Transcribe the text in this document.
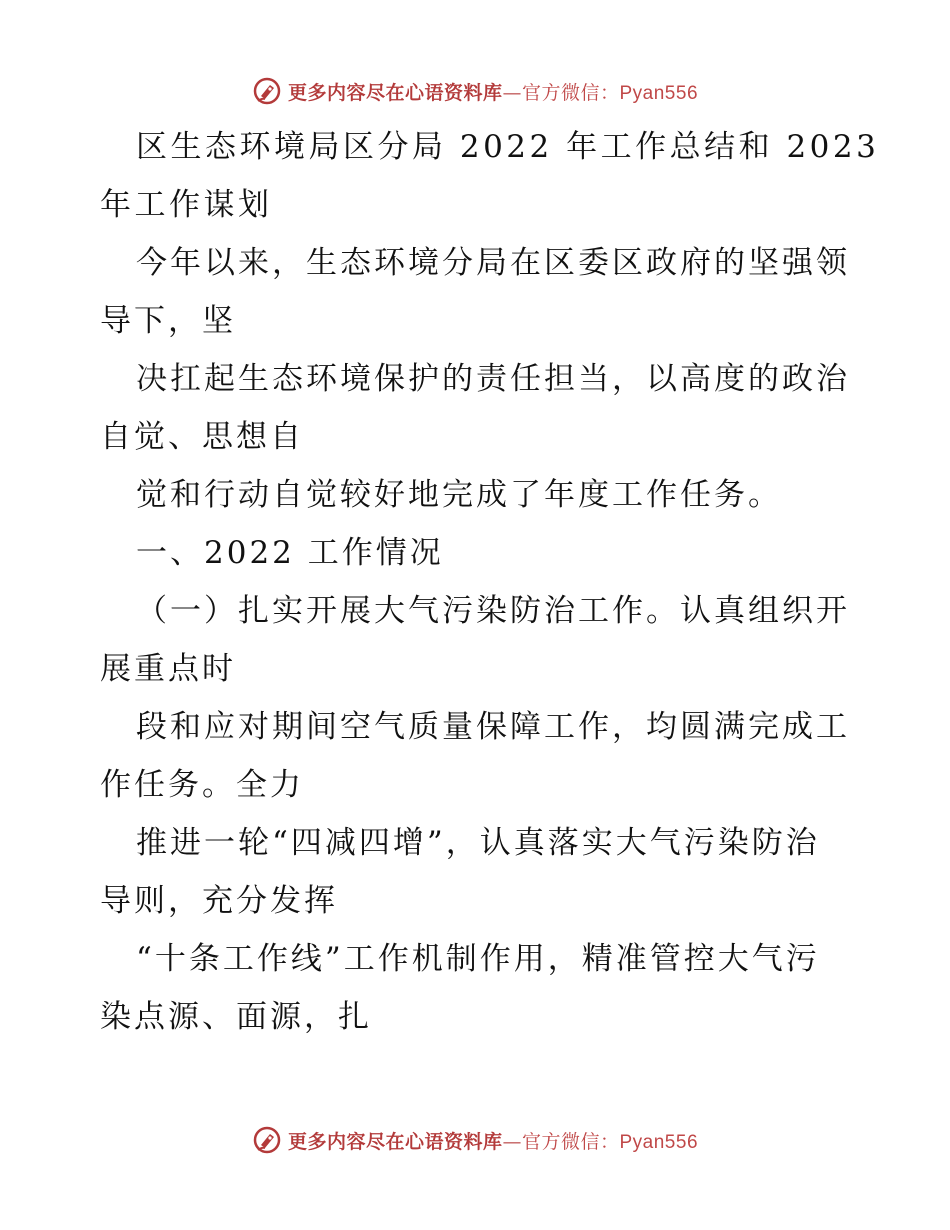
更多内容尽在心语资料库—官方微信：Pyan556
区生态环境局区分局 2022 年工作总结和 2023
年工作谋划
今年以来，生态环境分局在区委区政府的坚强领
导下，坚
决扛起生态环境保护的责任担当，以高度的政治
自觉、思想自
觉和行动自觉较好地完成了年度工作任务。
一、2022 工作情况
（一）扎实开展大气污染防治工作。认真组织开
展重点时
段和应对期间空气质量保障工作，均圆满完成工
作任务。全力
推进一轮“四减四增”，认真落实大气污染防治
导则，充分发挥
“十条工作线”工作机制作用，精准管控大气污
染点源、面源，扎
更多内容尽在心语资料库—官方微信：Pyan556
